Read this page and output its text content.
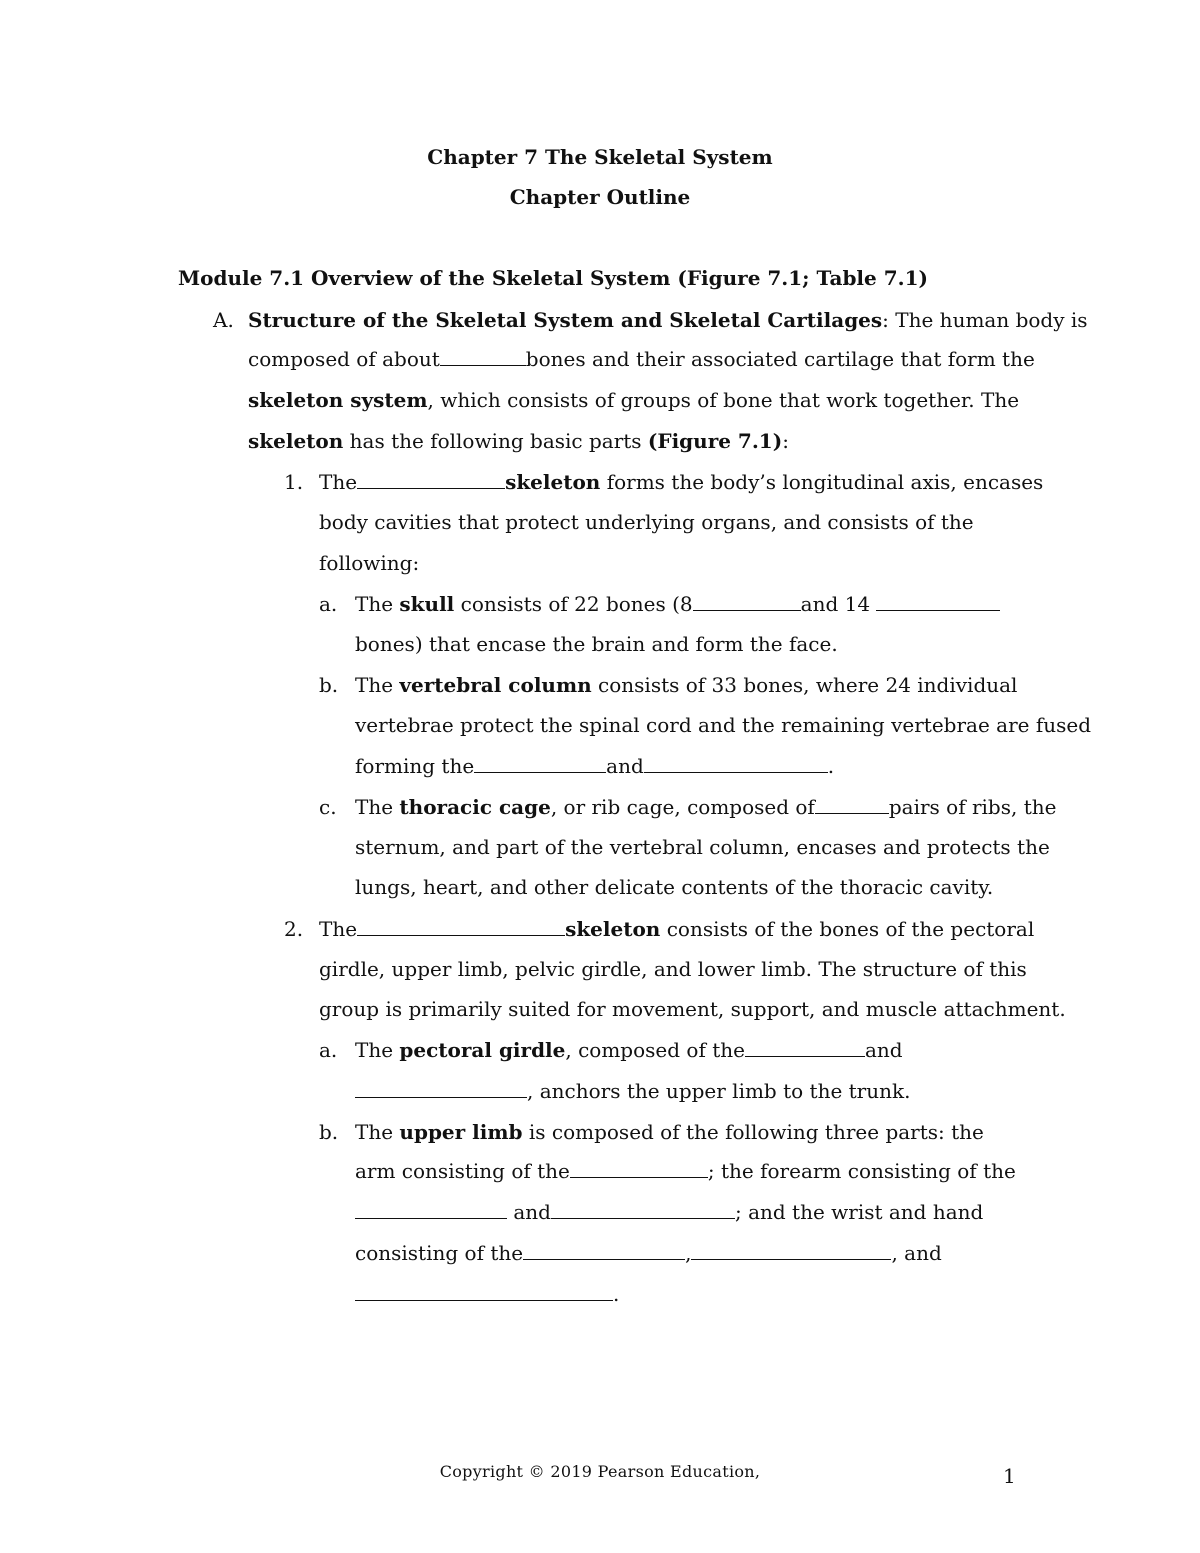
Chapter 7 The Skeletal System
Chapter Outline
Module 7.1 Overview of the Skeletal System (Figure 7.1; Table 7.1)
A. Structure of the Skeletal System and Skeletal Cartilages: The human body is
composed of about	bones and their associated cartilage that form the
skeleton system, which consists of groups of bone that work together. The
skeleton has the following basic parts (Figure 7.1):
1. The	skeleton forms the body’s longitudinal axis, encases
body cavities that protect underlying organs, and consists of the
following:
a. The skull consists of 22 bones (8	and 14
bones) that encase the brain and form the face.
b. The vertebral column consists of 33 bones, where 24 individual
vertebrae protect the spinal cord and the remaining vertebrae are fused
forming the	and	.
c. The thoracic cage, or rib cage, composed of	pairs of ribs, the
sternum, and part of the vertebral column, encases and protects the
lungs, heart, and other delicate contents of the thoracic cavity.
2. The	skeleton consists of the bones of the pectoral
girdle, upper limb, pelvic girdle, and lower limb. The structure of this
group is primarily suited for movement, support, and muscle attachment.
a. The pectoral girdle, composed of the	and
, anchors the upper limb to the trunk.
b. The upper limb is composed of the following three parts: the
arm consisting of the	; the forearm consisting of the
and	; and the wrist and hand
consisting of the	,	, and
.
Copyright © 2019 Pearson Education,	1
